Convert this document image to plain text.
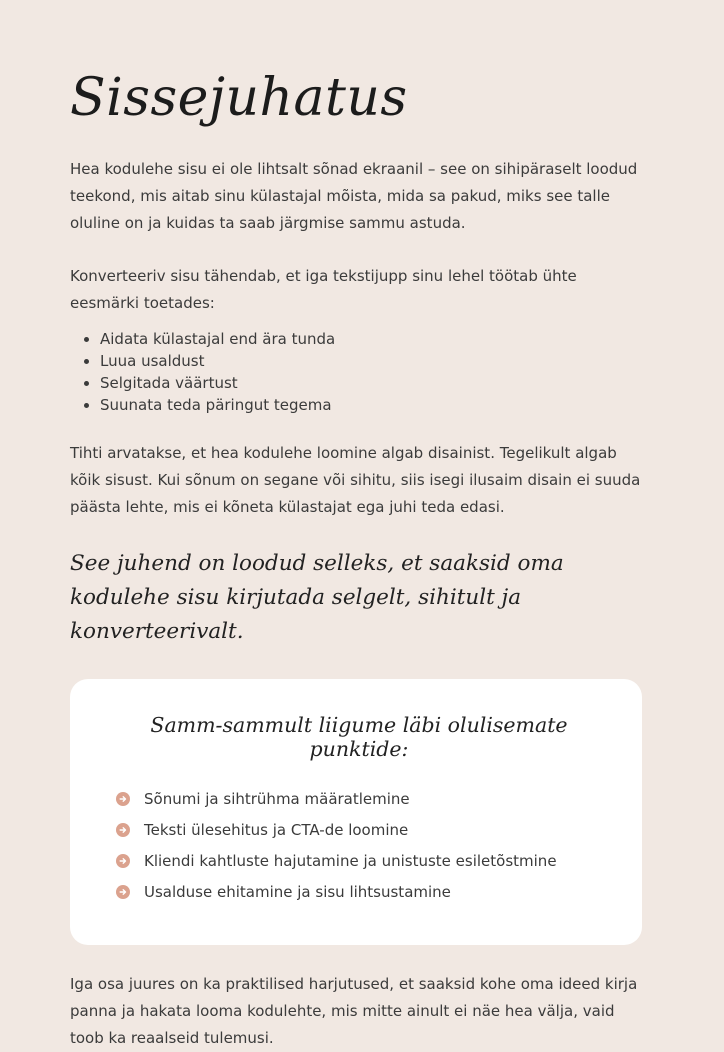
Sissejuhatus

Hea kodulehe sisu ei ole lihtsalt sõnad ekraanil – see on sihipäraselt loodud teekond, mis aitab sinu külastajal mõista, mida sa pakud, miks see talle oluline on ja kuidas ta saab järgmise sammu astuda.

Konverteeriv sisu tähendab, et iga tekstijupp sinu lehel töötab ühte eesmärki toetades:

• Aidata külastajal end ära tunda
• Luua usaldust
• Selgitada väärtust
• Suunata teda päringut tegema

Tihti arvatakse, et hea kodulehe loomine algab disainist. Tegelikult algab kõik sisust. Kui sõnum on segane või sihitu, siis isegi ilusaim disain ei suuda päästa lehte, mis ei kõneta külastajat ega juhi teda edasi.

See juhend on loodud selleks, et saaksid oma kodulehe sisu kirjutada selgelt, sihitult ja konverteerivalt.

Samm-sammult liigume läbi olulisemate punktide:

Sõnumi ja sihtrühma määratlemine
Teksti ülesehitus ja CTA-de loomine
Kliendi kahtluste hajutamine ja unistuste esiletõstmine
Usalduse ehitamine ja sisu lihtsustamine

Iga osa juures on ka praktilised harjutused, et saaksid kohe oma ideed kirja panna ja hakata looma kodulehte, mis mitte ainult ei näe hea välja, vaid toob ka reaalseid tulemusi.
